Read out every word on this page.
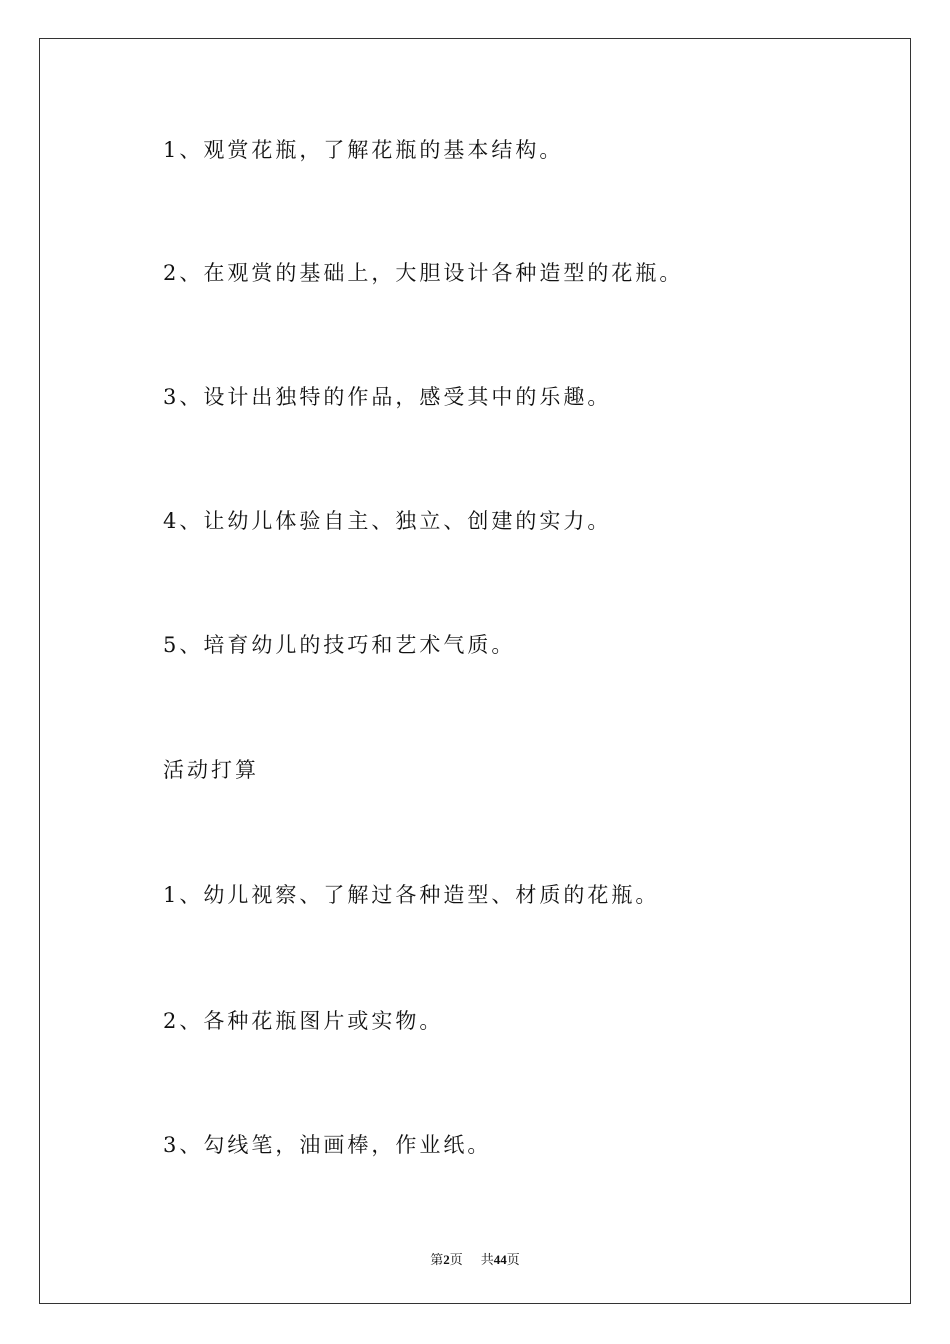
1、观赏花瓶，了解花瓶的基本结构。
2、在观赏的基础上，大胆设计各种造型的花瓶。
3、设计出独特的作品，感受其中的乐趣。
4、让幼儿体验自主、独立、创建的实力。
5、培育幼儿的技巧和艺术气质。
活动打算
1、幼儿视察、了解过各种造型、材质的花瓶。
2、各种花瓶图片或实物。
3、勾线笔，油画棒，作业纸。
第2页 共44页
